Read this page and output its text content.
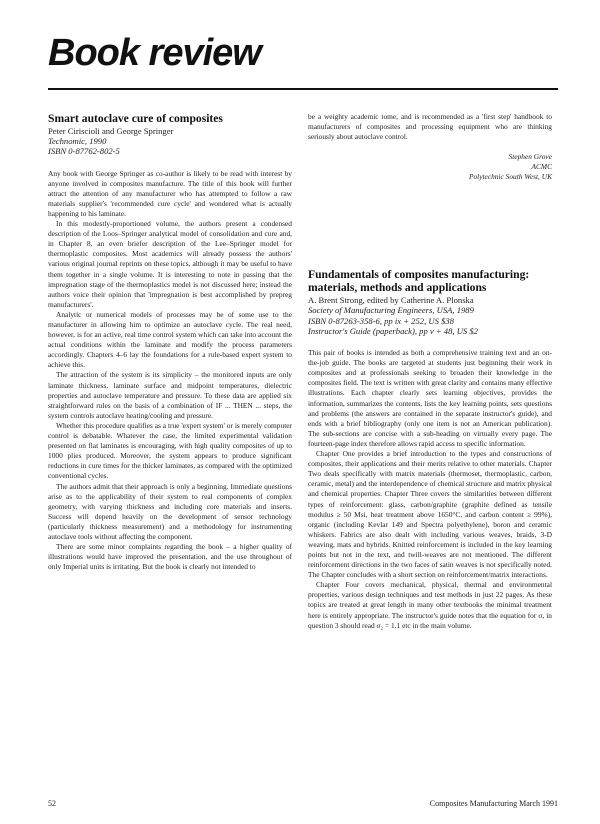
Book review
Smart autoclave cure of composites
Peter Ciriscioli and George Springer
Technomic, 1990
ISBN 0-87762-802-5

Any book with George Springer as co-author is likely to be read with interest by anyone involved in composites manufacture. The title of this book will further attract the attention of any manufacturer who has attempted to follow a raw materials supplier's 'recommended cure cycle' and wondered what is actually happening to his laminate.

In this modestly-proportioned volume, the authors present a condensed description of the Loos–Springer analytical model of consolidation and cure and, in Chapter 8, an even briefer description of the Lee–Springer model for thermoplastic composites. Most academics will already possess the authors' various original journal reprints on these topics, although it may be useful to have them together in a single volume. It is interesting to note in passing that the impregnation stage of the thermoplastics model is not discussed here; instead the authors voice their opinion that 'impregnation is best accomplished by prepreg manufacturers'.

Analytic or numerical models of processes may be of some use to the manufacturer in allowing him to optimize an autoclave cycle. The real need, however, is for an active, real time control system which can take into account the actual conditions within the laminate and modify the process parameters accordingly. Chapters 4–6 lay the foundations for a rule-based expert system to achieve this.

The attraction of the system is its simplicity – the monitored inputs are only laminate thickness, laminate surface and midpoint temperatures, dielectric properties and autoclave temperature and pressure. To these data are applied six straightforward rules on the basis of a combination of IF ... THEN ... steps, the system controls autoclave heating/cooling and pressure.

Whether this procedure qualifies as a true 'expert system' or is merely computer control is debatable. Whatever the case, the limited experimental validation presented on flat laminates is encouraging, with high quality composites of up to 1000 plies produced. Moreover, the system appears to produce significant reductions in cure times for the thicker laminates, as compared with the optimized conventional cycles.

The authors admit that their approach is only a beginning. Immediate questions arise as to the applicability of their system to real components of complex geometry, with varying thickness and including core materials and inserts. Success will depend heavily on the development of sensor technology (particularly thickness measurement) and a methodology for instrumenting autoclave tools without affecting the component.

There are some minor complaints regarding the book – a higher quality of illustrations would have improved the presentation, and the use throughout of only Imperial units is irritating. But the book is clearly not intended to

be a weighty academic tome, and is recommended as a 'first step' handbook to manufacturers of composites and processing equipment who are thinking seriously about autoclave control.

Stephen Grove
ACMC
Polytechnic South West, UK
Fundamentals of composites manufacturing: materials, methods and applications
A. Brent Strong, edited by Catherine A. Plonska
Society of Manufacturing Engineers, USA, 1989
ISBN 0-87263-358-6, pp ix + 252, US $38
Instructor's Guide (paperback), pp v + 48, US $2

This pair of books is intended as both a comprehensive training text and an on-the-job guide. The books are targeted at students just beginning their work in composites and at professionals seeking to broaden their knowledge in the composites field. The text is written with great clarity and contains many effective illustrations. Each chapter clearly sets learning objectives, provides the information, summarizes the contents, lists the key learning points, sets questions and problems (the answers are contained in the separate instructor's guide), and ends with a brief bibliography (only one item is not an American publication). The sub-sections are concise with a sub-heading on virtually every page. The fourteen-page index therefore allows rapid access to specific information.

Chapter One provides a brief introduction to the types and constructions of composites, their applications and their merits relative to other materials. Chapter Two deals specifically with matrix materials (thermoset, thermoplastic, carbon, ceramic, metal) and the interdependence of chemical structure and matrix physical and chemical properties. Chapter Three covers the similarities between different types of reinforcement: glass, carbon/graphite (graphite defined as tensile modulus ≥ 50 Msi, heat treatment above 1650°C, and carbon content ≥ 99%), organic (including Kevlar 149 and Spectra polyethylene), boron and ceramic whiskers. Fabrics are also dealt with including various weaves, braids, 3-D weaving, mats and hybrids. Knitted reinforcement is included in the key learning points but not in the text, and twill-weaves are not mentioned. The different reinforcement directions in the two faces of satin weaves is not specifically noted. The Chapter concludes with a short section on reinforcement/matrix interactions.

Chapter Four covers mechanical, physical, thermal and environmental properties, various design techniques and test methods in just 22 pages. As these topics are treated at great length in many other textbooks the minimal treatment here is entirely appropriate. The instructor's guide notes that the equation for σ, in question 3 should read σ₂ = 1.1 etc in the main volume.

52	Composites Manufacturing March 1991
